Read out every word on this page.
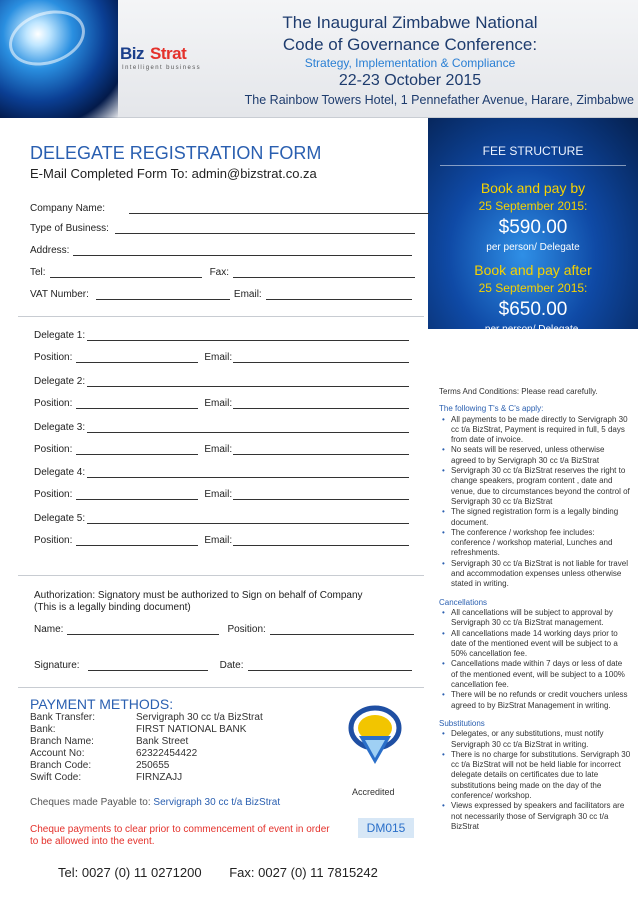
Biz Strat
Intelligent business
The Inaugural Zimbabwe National
Code of Governance Conference:
Strategy, Implementation & Compliance
22-23 October 2015
The Rainbow Towers Hotel, 1 Pennefather Avenue, Harare, Zimbabwe
FEE STRUCTURE
Book and pay by
25 September 2015:
$590.00
per person/ Delegate
Book and pay after
25 September 2015:
$650.00
per person/ Delegate.
DELEGATE REGISTRATION FORM
E-Mail Completed Form To: admin@bizstrat.co.za
Company Name:
Type of Business:
Address:
Tel:	Fax:
VAT Number:	Email:
Delegate 1:
Position:	Email:
Delegate 2:
Position:	Email:
Delegate 3:
Position:	Email:
Delegate 4:
Position:	Email:
Delegate 5:
Position:	Email:
Authorization: Signatory must be authorized to Sign on behalf of Company
(This is a legally binding document)
Name:	Position:
Signature:	Date:
Terms And Conditions: Please read carefully.
The following T's & C's apply:
• All payments to be made directly to Servigraph 30 cc t/a BizStrat, Payment is required in full, 5 days from date of invoice.
• No seats will be reserved, unless otherwise agreed to by Servigraph 30 cc t/a BizStrat
• Servigraph 30 cc t/a BizStrat reserves the right to change speakers, program content , date and venue, due to circumstances beyond the control of Servigraph 30 cc t/a BizStrat
• The signed registration form is a legally binding document.
• The conference / workshop fee includes: conference / workshop material, Lunches and refreshments.
• Servigraph 30 cc t/a BizStrat is not liable for travel and accommodation expenses unless otherwise stated in writing.
Cancellations
• All cancellations will be subject to approval by Servigraph 30 cc t/a BizStrat management.
• All cancellations made 14 working days prior to date of the mentioned event will be subject to a 50% cancellation fee.
• Cancellations made within 7 days or less of date of the mentioned event, will be subject to a 100% cancellation fee.
• There will be no refunds or credit vouchers unless agreed to by BizStrat Management in writing.
Substitutions
• Delegates, or any substitutions, must notify Servigraph 30 cc t/a BizStrat in writing.
• There is no charge for substitutions. Servigraph 30 cc t/a BizStrat will not be held liable for incorrect delegate details on certificates due to late substitutions being made on the day of the conference/ workshop.
• Views expressed by speakers and facilitators are not necessarily those of Servigraph 30 cc t/a BizStrat
PAYMENT METHODS:
Bank Transfer:	Servigraph 30 cc t/a BizStrat
Bank:	FIRST NATIONAL BANK
Branch Name:	Bank Street
Account No:	62322454422
Branch Code:	250655
Swift Code:	FIRNZAJJ
Cheques made Payable to: Servigraph 30 cc t/a BizStrat
Cheque payments to clear prior to commencement of event in order to be allowed into the event.
Accredited
DM015
Tel: 0027 (0) 11 0271200 Fax: 0027 (0) 11 7815242
